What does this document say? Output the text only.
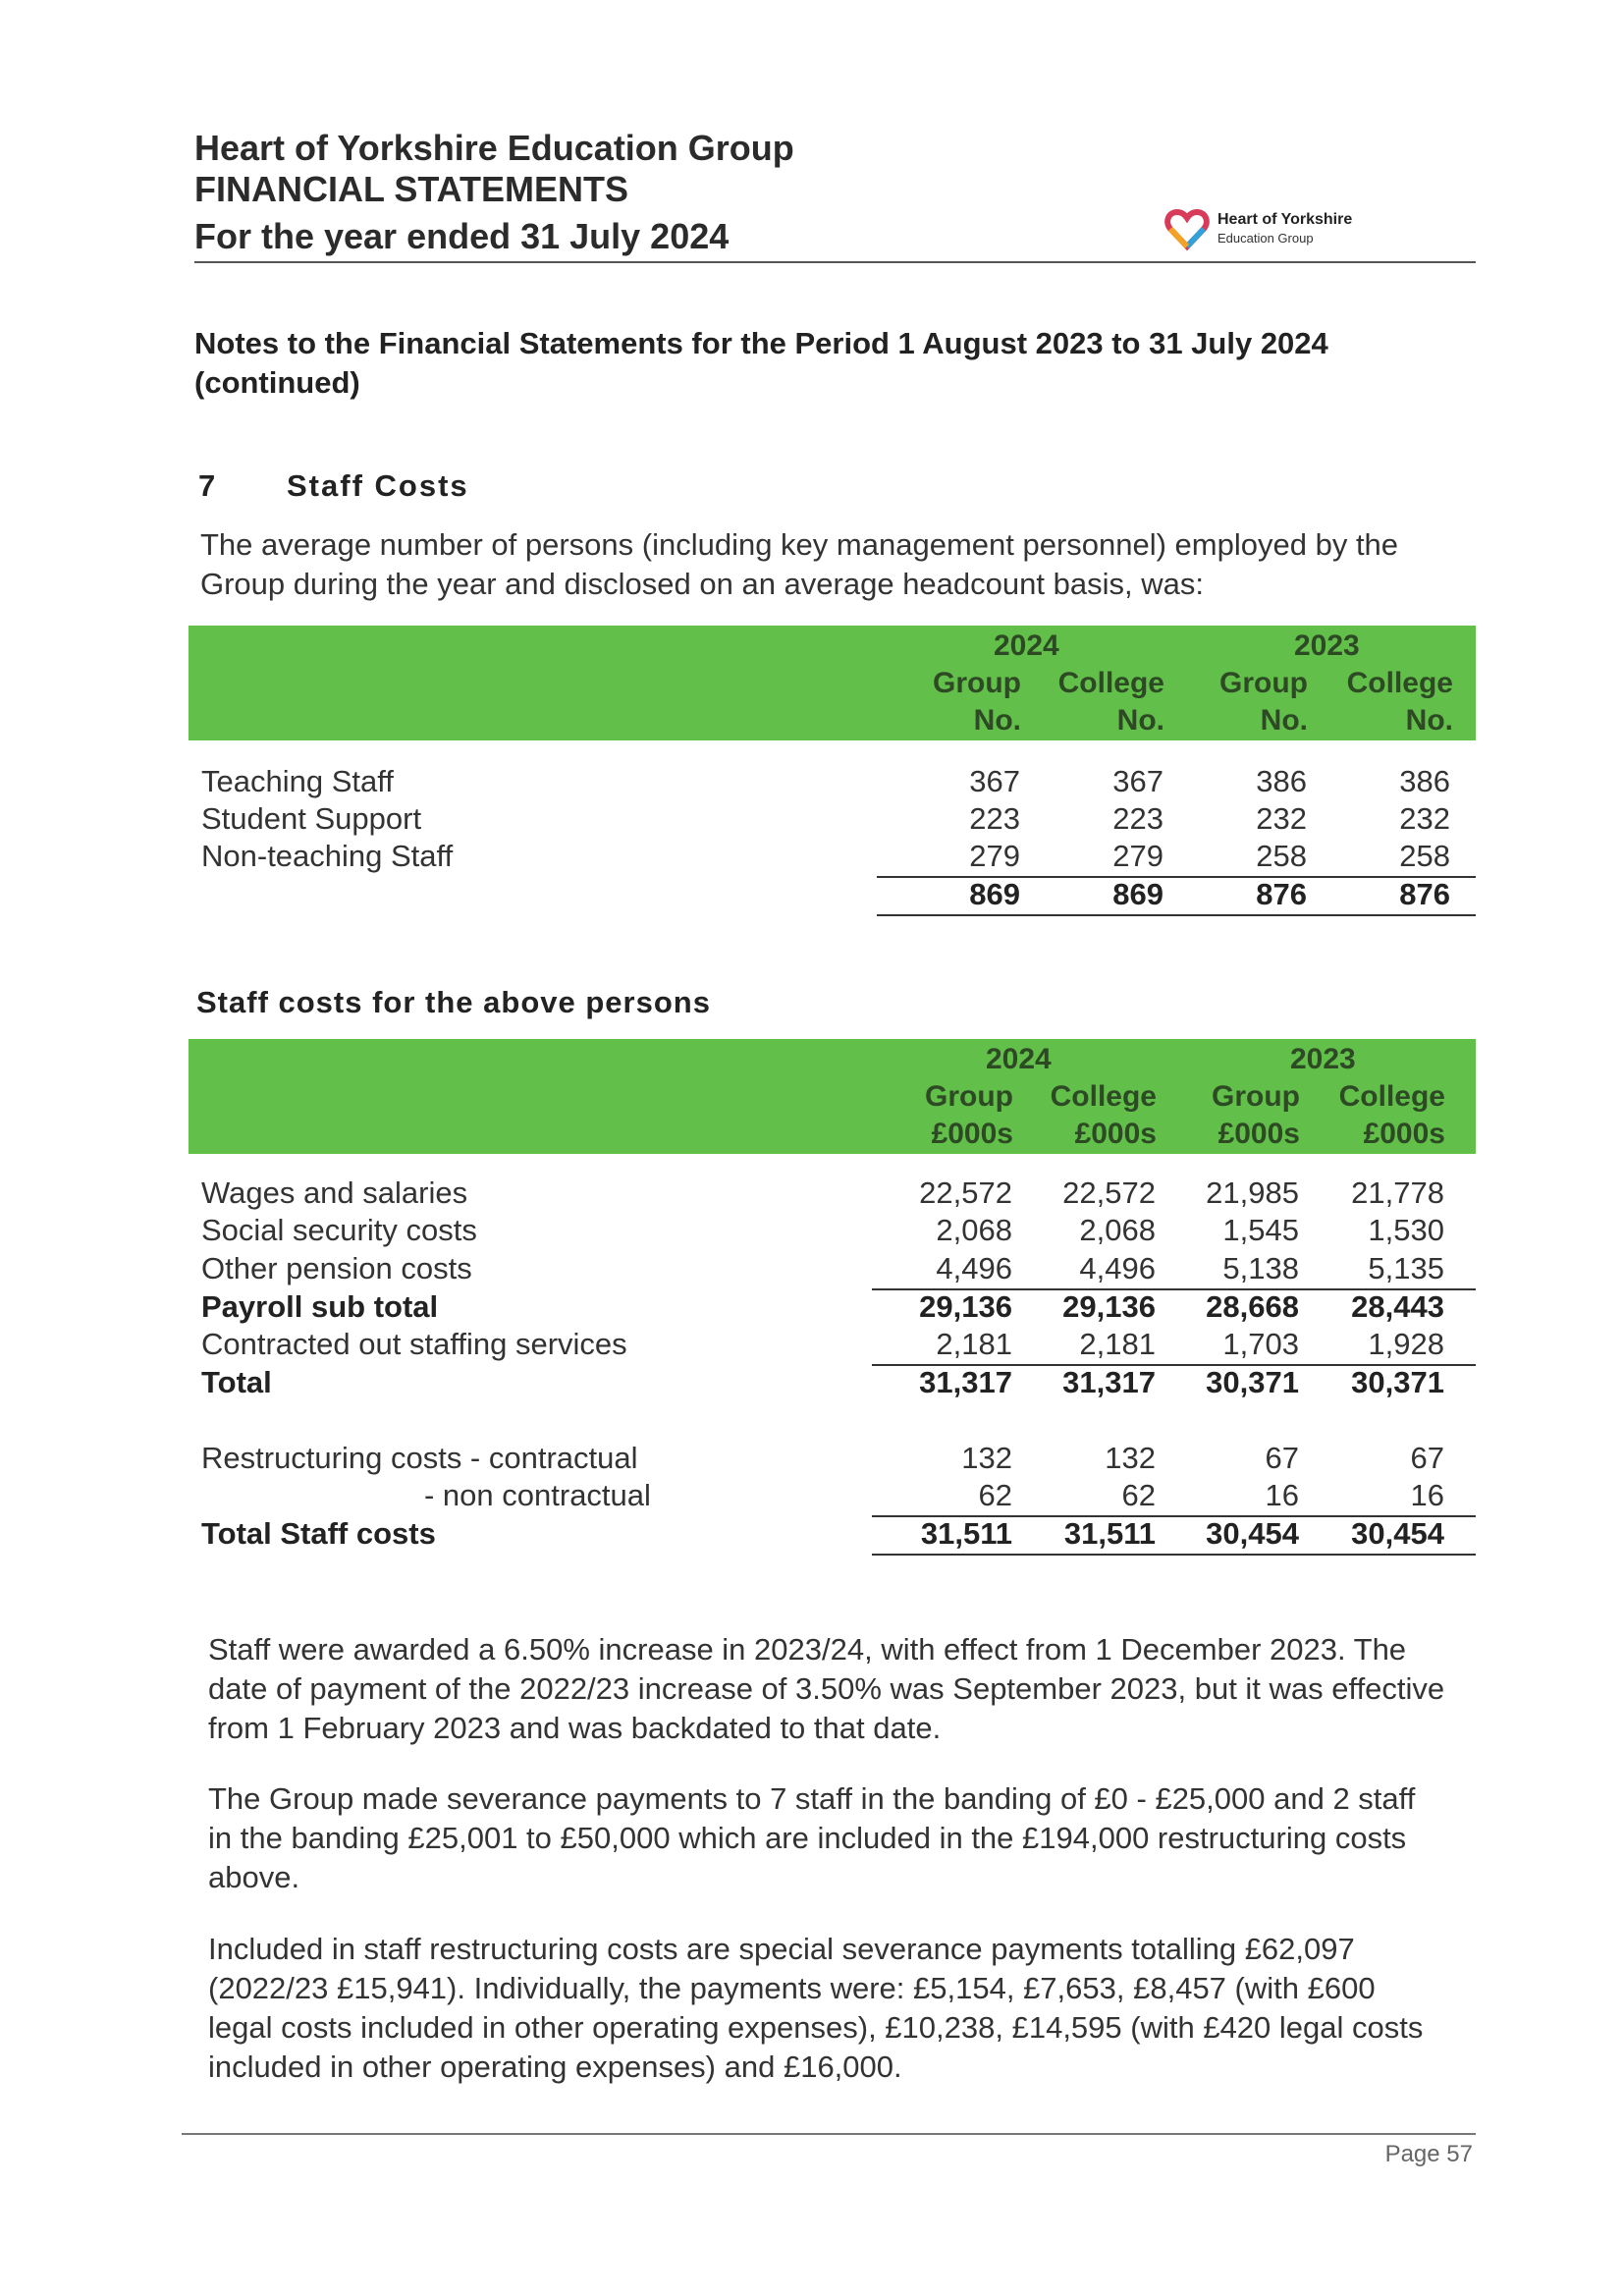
Heart of Yorkshire Education Group
FINANCIAL STATEMENTS
For the year ended 31 July 2024	Heart of Yorkshire
Education Group
Notes to the Financial Statements for the Period 1 August 2023 to 31 July 2024
(continued)
7 Staff Costs
The average number of persons (including key management personnel) employed by the
Group during the year and disclosed on an average headcount basis, was:
2024	2023
Group	College	Group	College
No.	No.	No.	No.
Teaching Staff	367	367	386	386
Student Support	223	223	232	232
Non-teaching Staff	279	279	258	258
869	869	876	876
Staff costs for the above persons
2024	2023
Group	College	Group	College
£000s	£000s	£000s	£000s
Wages and salaries	22,572	22,572	21,985	21,778
Social security costs	2,068	2,068	1,545	1,530
Other pension costs	4,496	4,496	5,138	5,135
Payroll sub total	29,136	29,136	28,668	28,443
Contracted out staffing services	2,181	2,181	1,703	1,928
Total	31,317	31,317	30,371	30,371
Restructuring costs - contractual	132	132	67	67
- non contractual	62	62	16	16
Total Staff costs	31,511	31,511	30,454	30,454
Staff were awarded a 6.50% increase in 2023/24, with effect from 1 December 2023. The
date of payment of the 2022/23 increase of 3.50% was September 2023, but it was effective
from 1 February 2023 and was backdated to that date.
The Group made severance payments to 7 staff in the banding of £0 - £25,000 and 2 staff
in the banding £25,001 to £50,000 which are included in the £194,000 restructuring costs
above.
Included in staff restructuring costs are special severance payments totalling £62,097
(2022/23 £15,941). Individually, the payments were: £5,154, £7,653, £8,457 (with £600
legal costs included in other operating expenses), £10,238, £14,595 (with £420 legal costs
included in other operating expenses) and £16,000.
Page 57
